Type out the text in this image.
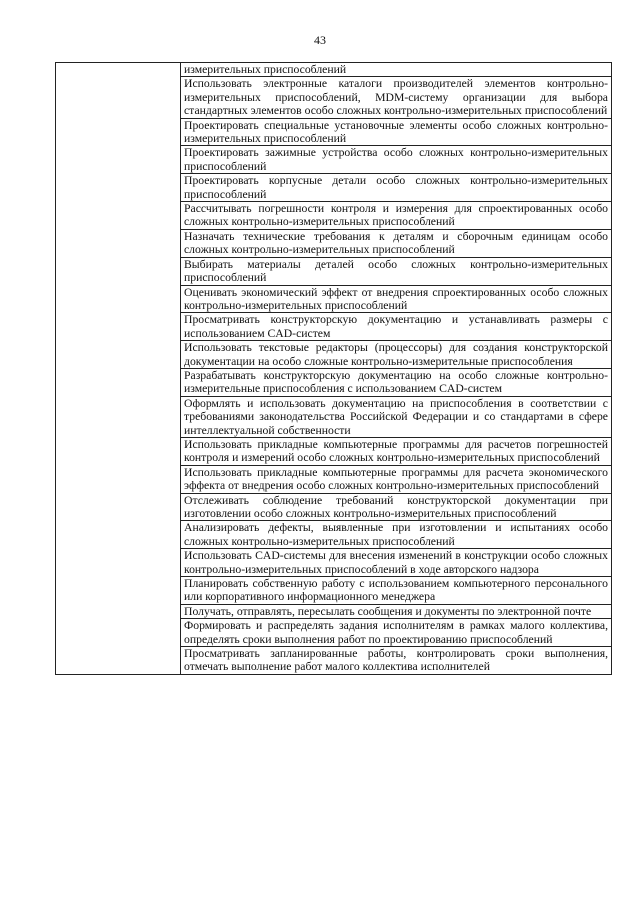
43
	измерительных приспособлений
Использовать электронные каталоги производителей элементов контрольно-измерительных приспособлений, MDM-систему организации для выбора стандартных элементов особо сложных контрольно-измерительных приспособлений
Проектировать специальные установочные элементы особо сложных контрольно-измерительных приспособлений
Проектировать зажимные устройства особо сложных контрольно-измерительных приспособлений
Проектировать корпусные детали особо сложных контрольно-измерительных приспособлений
Рассчитывать погрешности контроля и измерения для спроектированных особо сложных контрольно-измерительных приспособлений
Назначать технические требования к деталям и сборочным единицам особо сложных контрольно-измерительных приспособлений
Выбирать материалы деталей особо сложных контрольно-измерительных приспособлений
Оценивать экономический эффект от внедрения спроектированных особо сложных контрольно-измерительных приспособлений
Просматривать конструкторскую документацию и устанавливать размеры с использованием CAD-систем
Использовать текстовые редакторы (процессоры) для создания конструкторской документации на особо сложные контрольно-измерительные приспособления
Разрабатывать конструкторскую документацию на особо сложные контрольно-измерительные приспособления с использованием CAD-систем
Оформлять и использовать документацию на приспособления в соответствии с требованиями законодательства Российской Федерации и со стандартами в сфере интеллектуальной собственности
Использовать прикладные компьютерные программы для расчетов погрешностей контроля и измерений особо сложных контрольно-измерительных приспособлений
Использовать прикладные компьютерные программы для расчета экономического эффекта от внедрения особо сложных контрольно-измерительных приспособлений
Отслеживать соблюдение требований конструкторской документации при изготовлении особо сложных контрольно-измерительных приспособлений
Анализировать дефекты, выявленные при изготовлении и испытаниях особо сложных контрольно-измерительных приспособлений
Использовать CAD-системы для внесения изменений в конструкции особо сложных контрольно-измерительных приспособлений в ходе авторского надзора
Планировать собственную работу с использованием компьютерного персонального или корпоративного информационного менеджера
Получать, отправлять, пересылать сообщения и документы по электронной почте
Формировать и распределять задания исполнителям в рамках малого коллектива, определять сроки выполнения работ по проектированию приспособлений
Просматривать запланированные работы, контролировать сроки выполнения, отмечать выполнение работ малого коллектива исполнителей
